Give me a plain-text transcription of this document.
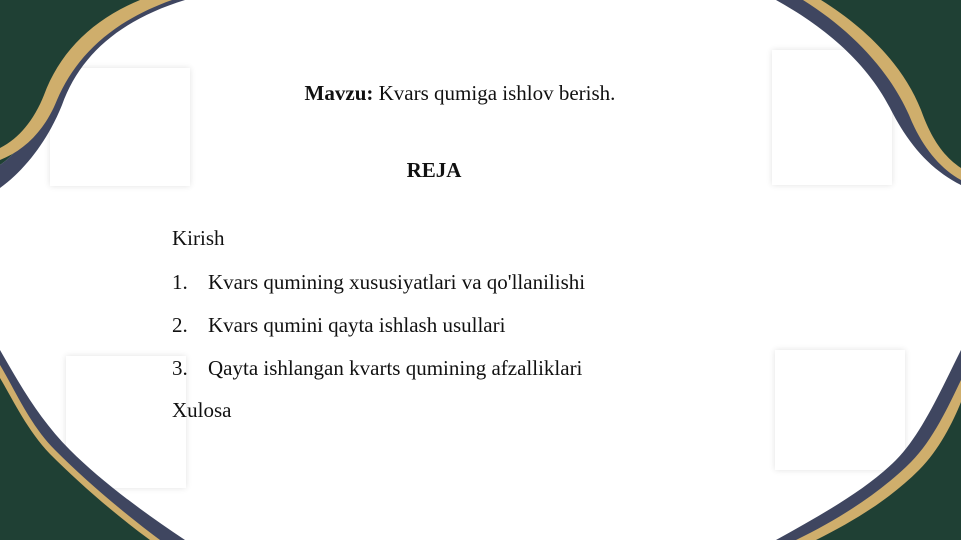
Mavzu: Kvars qumiga ishlov berish.
REJA
Kirish
1. Kvars qumining xususiyatlari va qo'llanilishi
2. Kvars qumini qayta ishlash usullari
3. Qayta ishlangan kvarts qumining afzalliklari
Xulosa
